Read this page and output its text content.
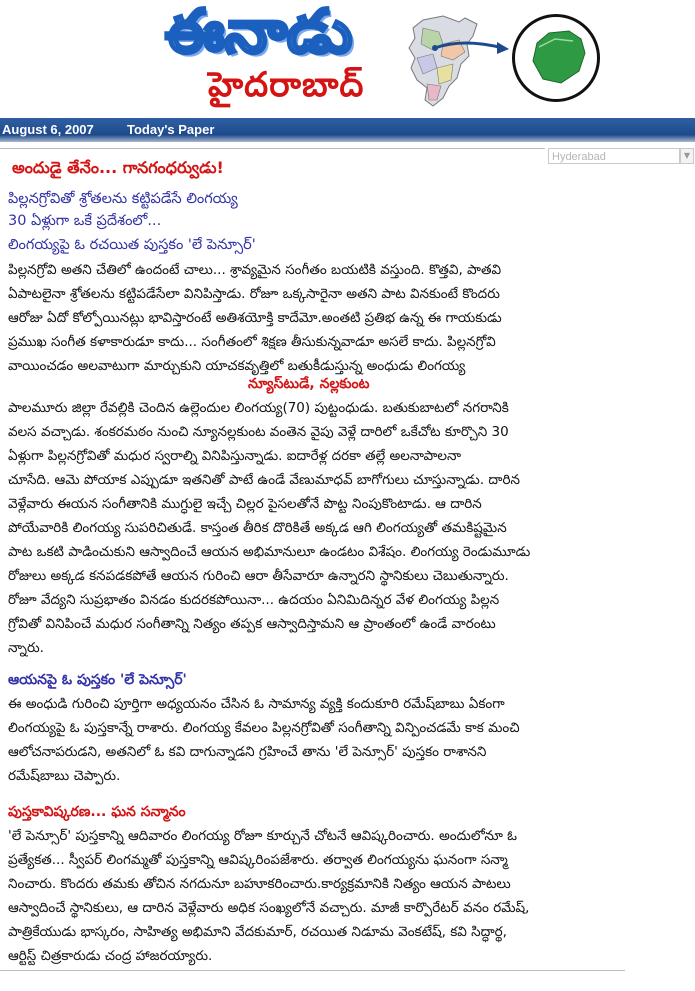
ఈనాడు
హైదరాబాద్
August 6, 2007	Today's Paper
Hyderabad	▼
అందుడై తేనేం... గానగంధర్వుడు!
పిల్లనగ్రోవితో శ్రోతలను కట్టిపడేసే లింగయ్య
30 ఏళ్లుగా ఒకే ప్రదేశంలో...
లింగయ్యపై ఓ రచయిత పుస్తకం 'లే పెన్సూర్'
పిల్లనగ్రోవి అతని చేతిలో ఉందంటే చాలు... శ్రావ్యమైన సంగీతం బయటికి వస్తుంది. కొత్తవి, పాతవి
ఏపాటలైనా శ్రోతలను కట్టిపడేసేలా వినిపిస్తాడు. రోజూ ఒక్కసారైనా అతని పాట వినకుంటే కొందరు
ఆరోజు ఏదో కోల్పోయినట్లు భావిస్తారంటే అతిశయోక్తి కాదేమో.అంతటి ప్రతిభ ఉన్న ఈ గాయకుడు
ప్రముఖ సంగీత కళాకారుడూ కాదు... సంగీతంలో శిక్షణ తీసుకున్నవాడూ అసలే కాదు. పిల్లనగ్రోవి
వాయించడం అలవాటుగా మార్చుకుని యాచకవృత్తిలో బతుకీడుస్తున్న అంధుడు లింగయ్య
న్యూస్‌టుడే, నల్లకుంట
పాలమూరు జిల్లా రేవల్లికి చెందిన ఉల్లెందుల లింగయ్య(70) పుట్టంధుడు. బతుకుబాటలో నగరానికి
వలస వచ్చాడు. శంకరమఠం నుంచి న్యూనల్లకుంట వంతెన వైపు వెళ్లే దారిలో ఒకేచోట కూర్చొని 30
ఏళ్లుగా పిల్లనగ్రోవితో మధుర స్వరాల్ని వినిపిస్తున్నాడు. ఐదారేళ్ల దరకా తల్లే అలనాపాలనా
చూసేది. ఆమె పోయాక ఎప్పుడూ ఇతనితో పాటే ఉండే వేణుమాధవ్ బాగోగులు చూస్తున్నాడు. దారిన
వెళ్లేవారు ఈయన సంగీతానికి ముగ్ధులై ఇచ్చే చిల్లర పైసలతోనే పొట్ట నింపుకొంటాడు. ఆ దారిన
పోయేవారికి లింగయ్య సుపరిచితుడే. కాస్తంత తీరిక దొరికితే అక్కడ ఆగి లింగయ్యతో తమకిష్టమైన
పాట ఒకటి పాడించుకుని ఆస్వాదించే ఆయన అభిమానులూ ఉండటం విశేషం. లింగయ్య రెండుమూడు
రోజులు అక్కడ కనపడకపోతే ఆయన గురించి ఆరా తీసేవారూ ఉన్నారని స్థానికులు చెబుతున్నారు.
రోజూ వేద్యని సుప్రభాతం వినడం కుదరకపోయినా... ఉదయం ఏనిమిదిన్నర వేళ లింగయ్య పిల్లన
గ్రోవితో వినిపించే మధుర సంగీతాన్ని నిత్యం తప్పక ఆస్వాదిస్తామని ఆ ప్రాంతంలో ఉండే వారంటు
న్నారు.
ఆయనపై ఓ పుస్తకం 'లే పెన్సూర్'
ఈ అంధుడి గురించి పూర్తిగా అధ్యయనం చేసిన ఓ సామాన్య వ్యక్తి కందుకూరి రమేష్‌బాబు ఏకంగా
లింగయ్యపై ఓ పుస్తకాన్నే రాశారు. లింగయ్య కేవలం పిల్లనగ్రోవితో సంగీతాన్ని విన్పించడమే కాక మంచి
ఆలోచనాపరుడని, అతనిలో ఓ కవి దాగున్నాడని గ్రహించే తాను 'లే పెన్సూర్' పుస్తకం రాశానని
రమేష్‌బాబు చెప్పారు.
పుస్తకావిష్కరణ... ఘన సన్మానం
'లే పెన్సూర్' పుస్తకాన్ని ఆదివారం లింగయ్య రోజూ కూర్చునే చోటనే ఆవిష్కరించారు. అందులోనూ ఓ
ప్రత్యేకత... స్వీపర్ లింగమ్మతో పుస్తకాన్ని ఆవిష్కరింపజేశారు. తర్వాత లింగయ్యను ఘనంగా సన్మా
నించారు. కొందరు తమకు తోచిన నగదునూ బహూకరించారు.కార్యక్రమానికి నిత్యం ఆయన పాటలు
ఆస్వాదించే స్థానికులు, ఆ దారిన వెళ్లేవారు అధిక సంఖ్యలోనే వచ్చారు. మాజీ కార్పొరేటర్ వనం రమేష్,
పాత్రికేయుడు భాస్కరం, సాహిత్య అభిమాని వేదకుమార్, రచయిత నిడూమ వెంకటేష్, కవి సిద్ధార్థ,
ఆర్టిస్ట్ చిత్రకారుడు చంద్ర హాజరయ్యారు.
